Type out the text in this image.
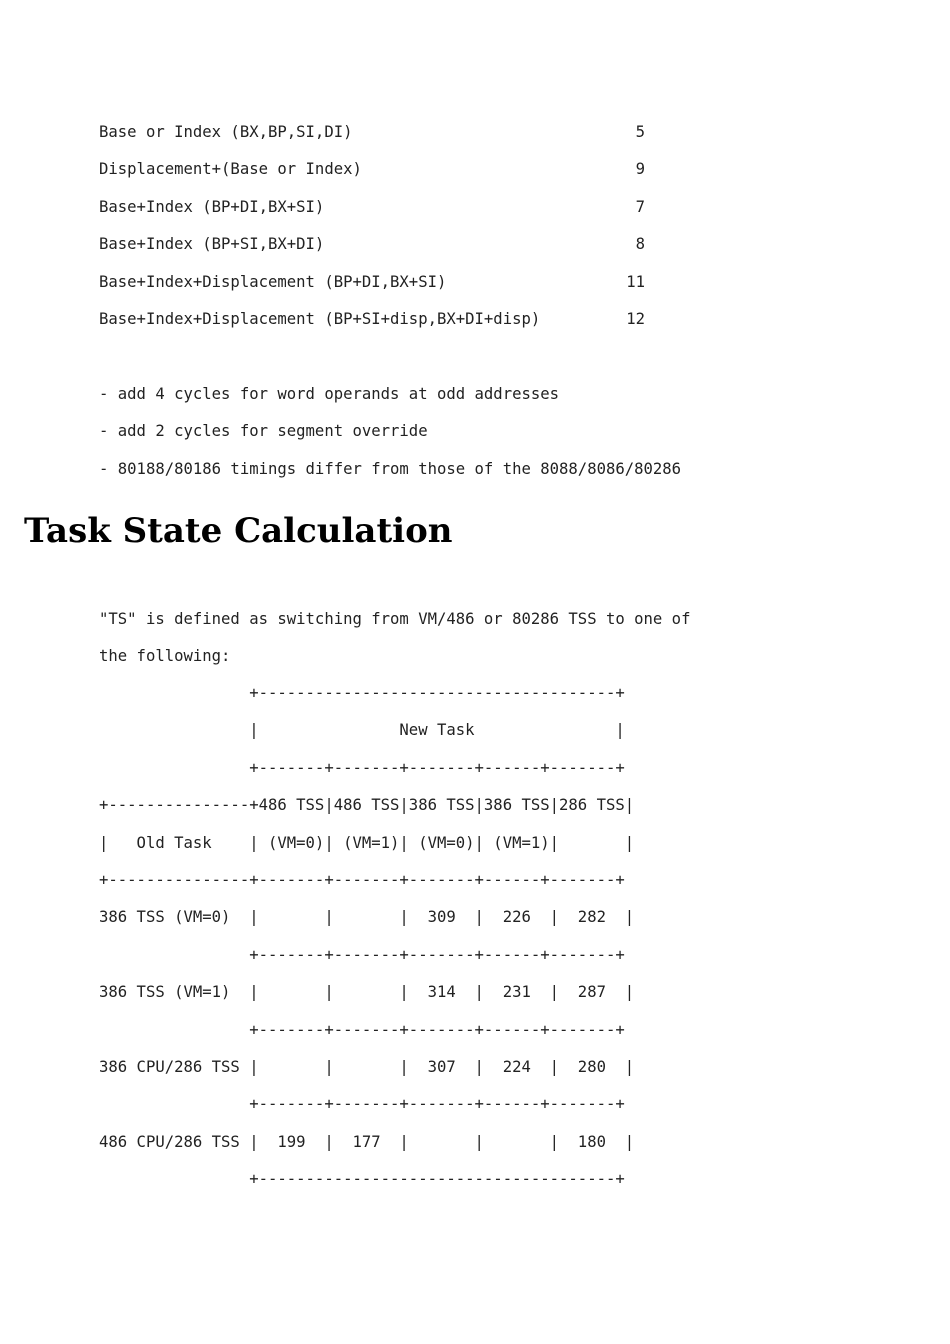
Base or Index (BX,BP,SI,DI)	5
Displacement+(Base or Index)	9
Base+Index (BP+DI,BX+SI)	7
Base+Index (BP+SI,BX+DI)	8
Base+Index+Displacement (BP+DI,BX+SI)	11
Base+Index+Displacement (BP+SI+disp,BX+DI+disp)	12
- add 4 cycles for word operands at odd addresses
- add 2 cycles for segment override
- 80188/80186 timings differ from those of the 8088/8086/80286
Task State Calculation
"TS" is defined as switching from VM/486 or 80286 TSS to one of
the following:
+--------------------------------------+
|               New Task               |
+-------+-------+-------+------+-------+
+---------------+486 TSS|486 TSS|386 TSS|386 TSS|286 TSS|
|   Old Task    | (VM=0)| (VM=1)| (VM=0)| (VM=1)|       |
+---------------+-------+-------+-------+------+-------+
386 TSS (VM=0)  |       |       |  309  |  226  |  282  |
+-------+-------+-------+------+-------+
386 TSS (VM=1)  |       |       |  314  |  231  |  287  |
+-------+-------+-------+------+-------+
386 CPU/286 TSS |       |       |  307  |  224  |  280  |
+-------+-------+-------+------+-------+
486 CPU/286 TSS |  199  |  177  |       |       |  180  |
+--------------------------------------+
